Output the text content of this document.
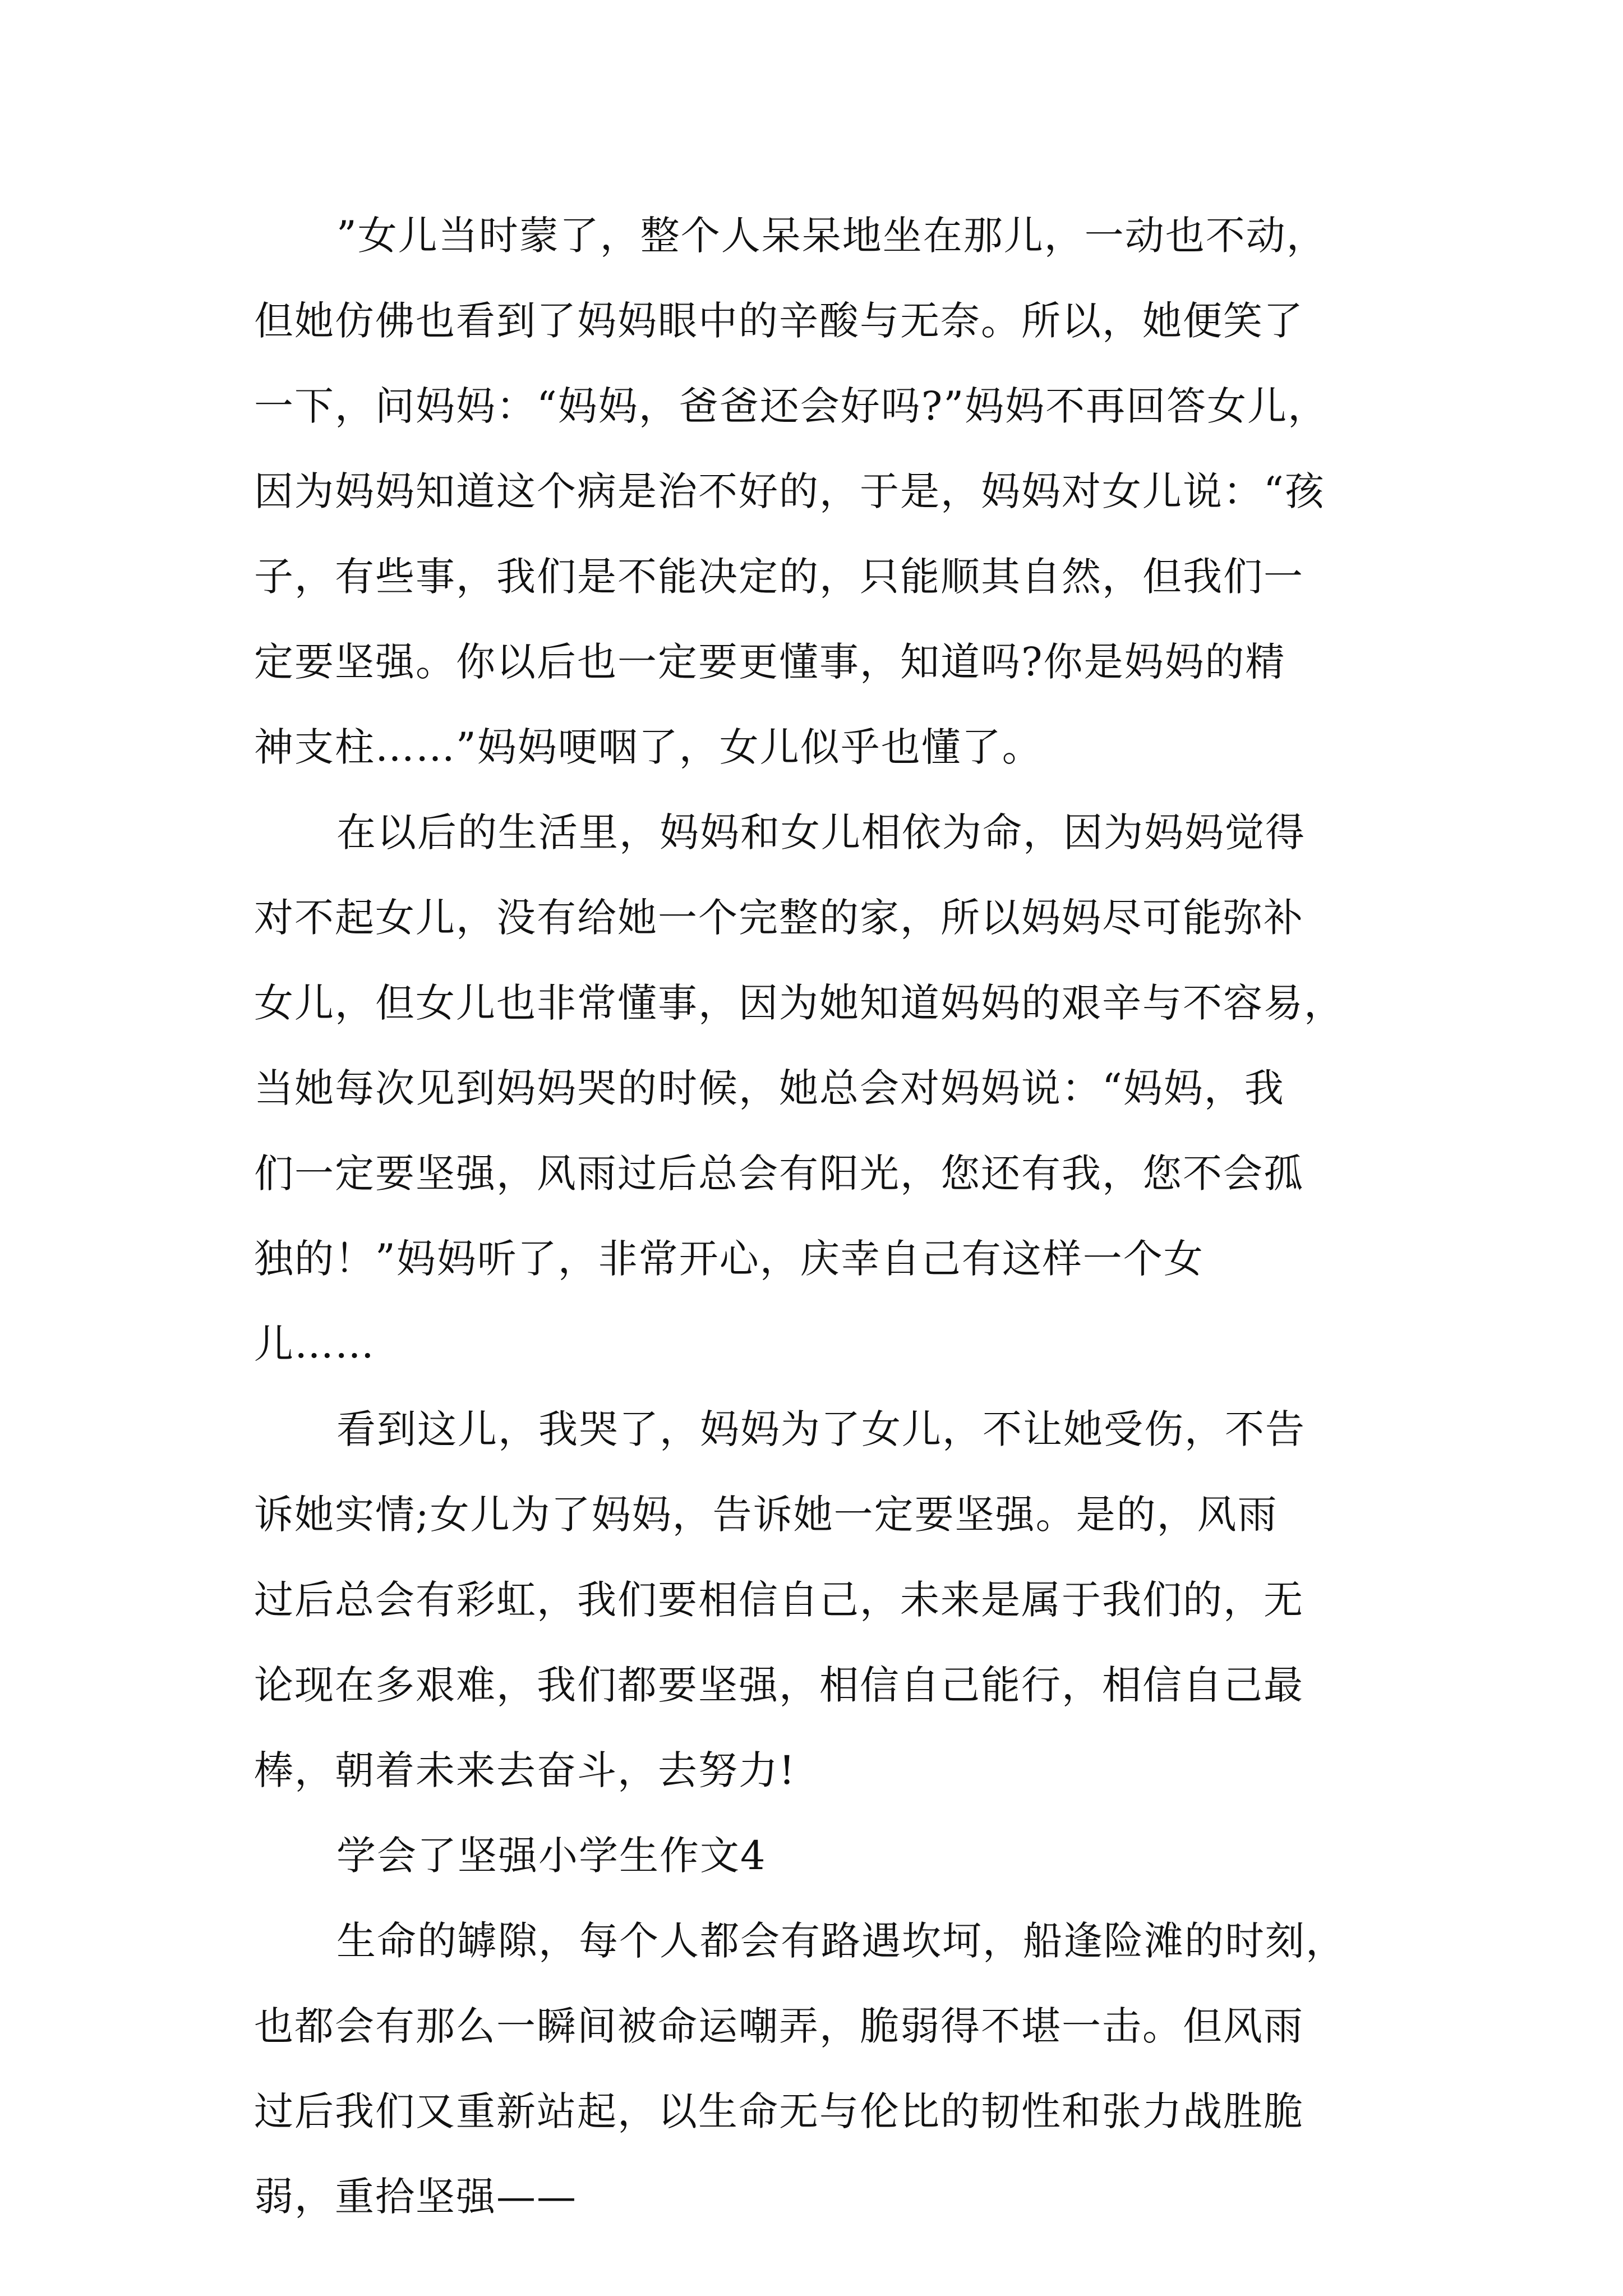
”女儿当时蒙了，整个人呆呆地坐在那儿，一动也不动，
但她仿佛也看到了妈妈眼中的辛酸与无奈。所以，她便笑了
一下，问妈妈：“妈妈，爸爸还会好吗?”妈妈不再回答女儿，
因为妈妈知道这个病是治不好的，于是，妈妈对女儿说：“孩
子，有些事，我们是不能决定的，只能顺其自然，但我们一
定要坚强。你以后也一定要更懂事，知道吗?你是妈妈的精
神支柱……”妈妈哽咽了，女儿似乎也懂了。
在以后的生活里，妈妈和女儿相依为命，因为妈妈觉得
对不起女儿，没有给她一个完整的家，所以妈妈尽可能弥补
女儿，但女儿也非常懂事，因为她知道妈妈的艰辛与不容易，
当她每次见到妈妈哭的时候，她总会对妈妈说：“妈妈，我
们一定要坚强，风雨过后总会有阳光，您还有我，您不会孤
独的！”妈妈听了，非常开心，庆幸自己有这样一个女
儿……
看到这儿，我哭了，妈妈为了女儿，不让她受伤，不告
诉她实情;女儿为了妈妈，告诉她一定要坚强。是的，风雨
过后总会有彩虹，我们要相信自己，未来是属于我们的，无
论现在多艰难，我们都要坚强，相信自己能行，相信自己最
棒，朝着未来去奋斗，去努力!
学会了坚强小学生作文4
生命的罅隙，每个人都会有路遇坎坷，船逢险滩的时刻，
也都会有那么一瞬间被命运嘲弄，脆弱得不堪一击。但风雨
过后我们又重新站起，以生命无与伦比的韧性和张力战胜脆
弱，重拾坚强——
